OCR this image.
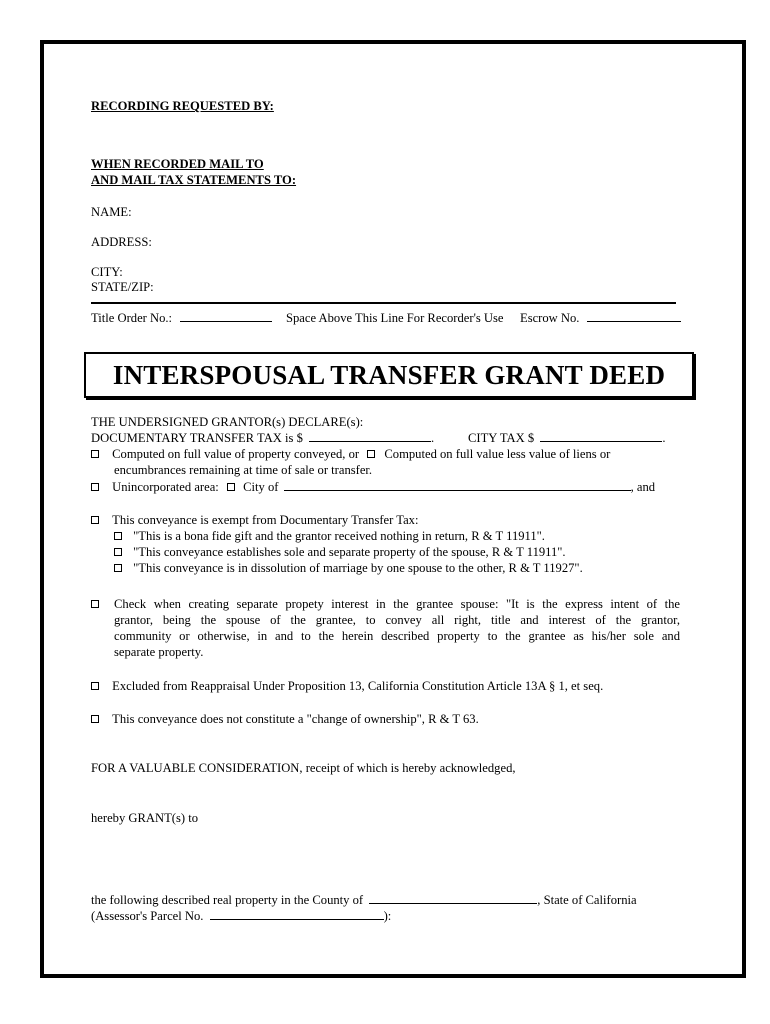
RECORDING REQUESTED BY:
WHEN RECORDED MAIL TO
AND MAIL TAX STATEMENTS TO:
NAME:
ADDRESS:
CITY:
STATE/ZIP:
Title Order No.:	Space Above This Line For Recorder's Use Escrow No.
INTERSPOUSAL TRANSFER GRANT DEED
THE UNDERSIGNED GRANTOR(s) DECLARE(s):
DOCUMENTARY TRANSFER TAX is $	.	CITY TAX $	.
Computed on full value of property conveyed, or Computed on full value less value of liens or
encumbrances remaining at time of sale or transfer.
Unincorporated area: City of	, and
This conveyance is exempt from Documentary Transfer Tax:
"This is a bona fide gift and the grantor received nothing in return, R & T 11911".
"This conveyance establishes sole and separate property of the spouse, R & T 11911".
"This conveyance is in dissolution of marriage by one spouse to the other, R & T 11927".
Check when creating separate propety interest in the grantee spouse: "It is the express intent of the
grantor, being the spouse of the grantee, to convey all right, title and interest of the grantor,
community or otherwise, in and to the herein described property to the grantee as his/her sole and
separate property.
Excluded from Reappraisal Under Proposition 13, California Constitution Article 13A § 1, et seq.
This conveyance does not constitute a "change of ownership", R & T 63.
FOR A VALUABLE CONSIDERATION, receipt of which is hereby acknowledged,
hereby GRANT(s) to
the following described real property in the County of	, State of California
(Assessor's Parcel No.	):
